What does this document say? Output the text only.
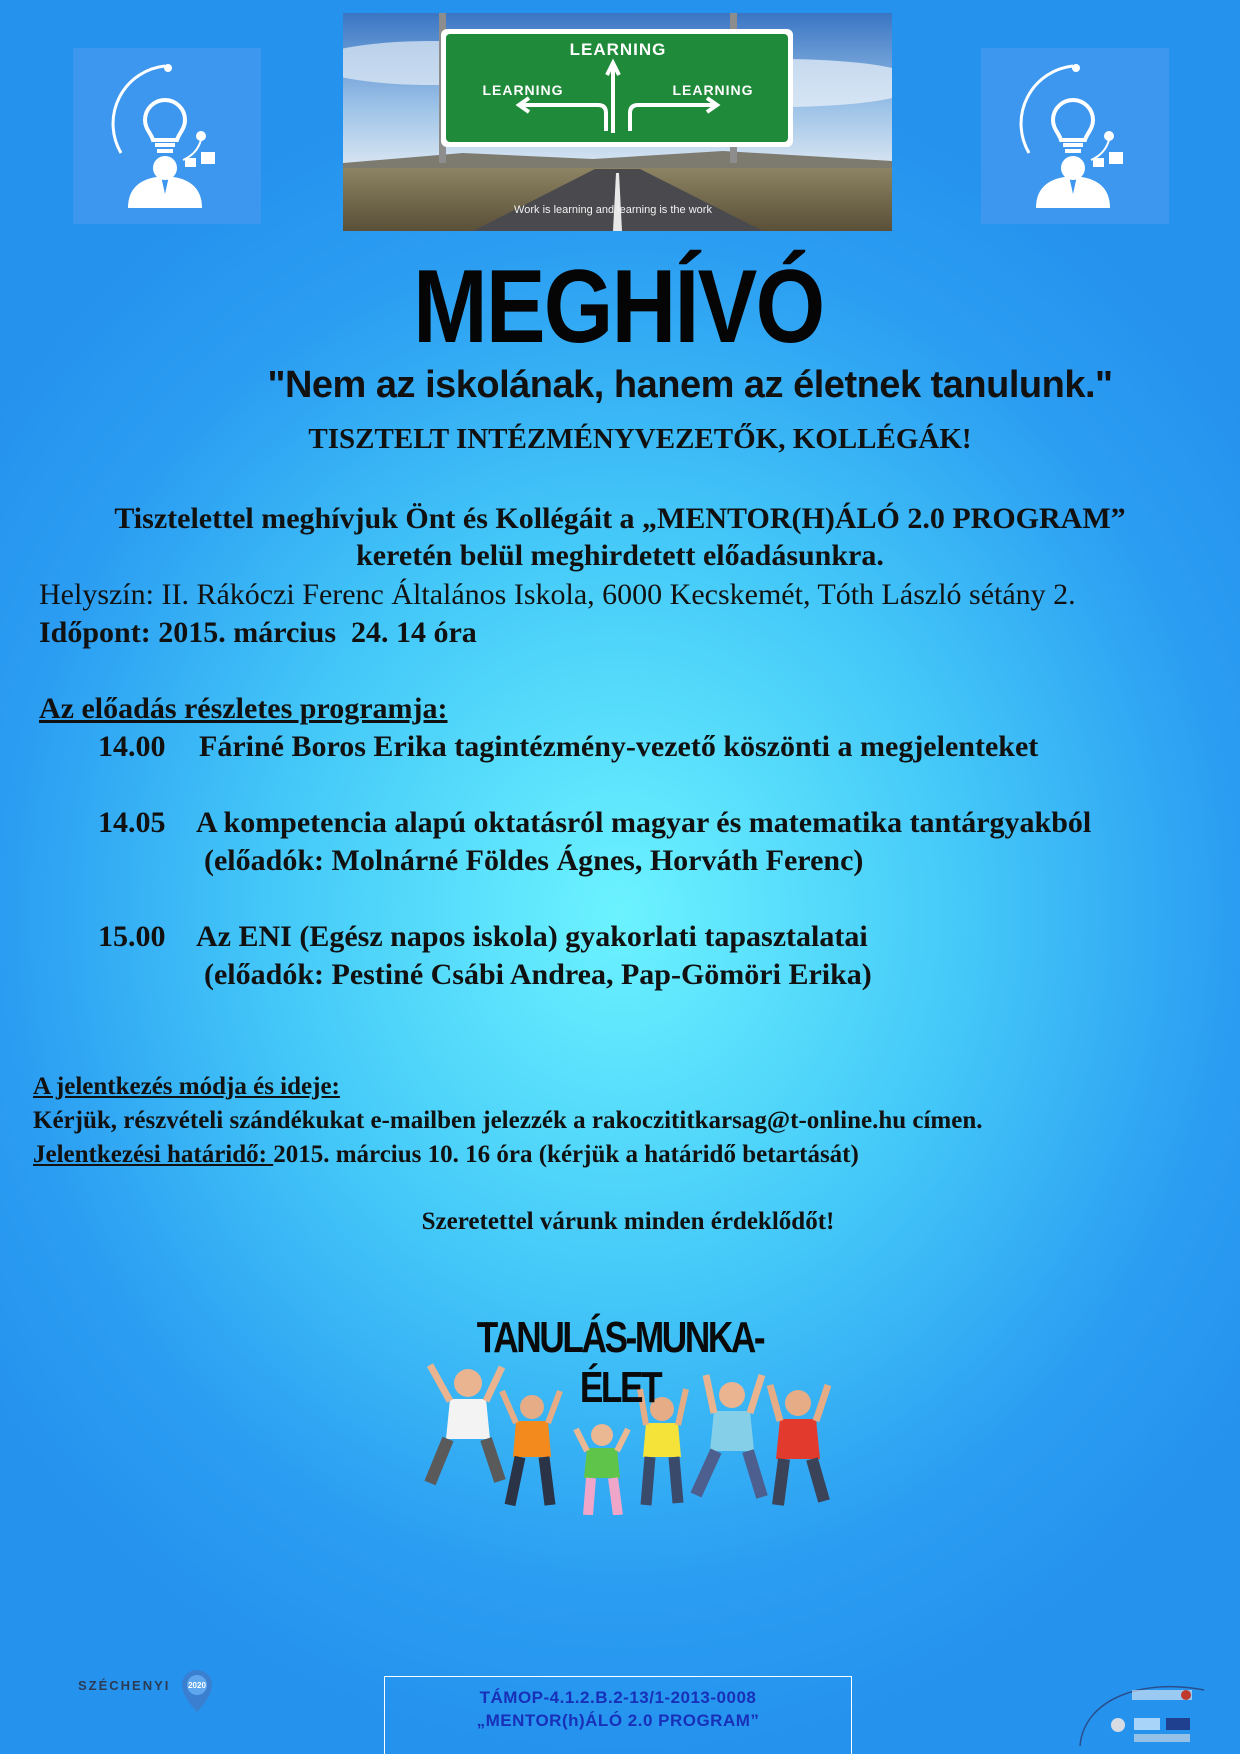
LEARNING
LEARNING	LEARNING
Work is learning and learning is the work
MEGHÍVÓ
"Nem az iskolának, hanem az életnek tanulunk."
TISZTELT INTÉZMÉNYVEZETŐK, KOLLÉGÁK!
Tisztelettel meghívjuk Önt és Kollégáit a „MENTOR(H)ÁLÓ 2.0 PROGRAM”
keretén belül meghirdetett előadásunkra.
Helyszín: II. Rákóczi Ferenc Általános Iskola, 6000 Kecskemét, Tóth László sétány 2.
Időpont: 2015. március  24. 14 óra
Az előadás részletes programja:
14.00 Fáriné Boros Erika tagintézmény-vezető köszönti a megjelenteket
14.05 A kompetencia alapú oktatásról magyar és matematika tantárgyakból
(előadók: Molnárné Földes Ágnes, Horváth Ferenc)
15.00 Az ENI (Egész napos iskola) gyakorlati tapasztalatai
(előadók: Pestiné Csábi Andrea, Pap-Gömöri Erika)
A jelentkezés módja és ideje:
Kérjük, részvételi szándékukat e-mailben jelezzék a rakoczititkarsag@t-online.hu címen.
Jelentkezési határidő: 2015. március 10. 16 óra (kérjük a határidő betartását)
Szeretettel várunk minden érdeklődőt!
TANULÁS-MUNKA-ÉLET
SZÉCHENYI 2020
TÁMOP-4.1.2.B.2-13/1-2013-0008
„MENTOR(h)ÁLÓ 2.0 PROGRAM”
